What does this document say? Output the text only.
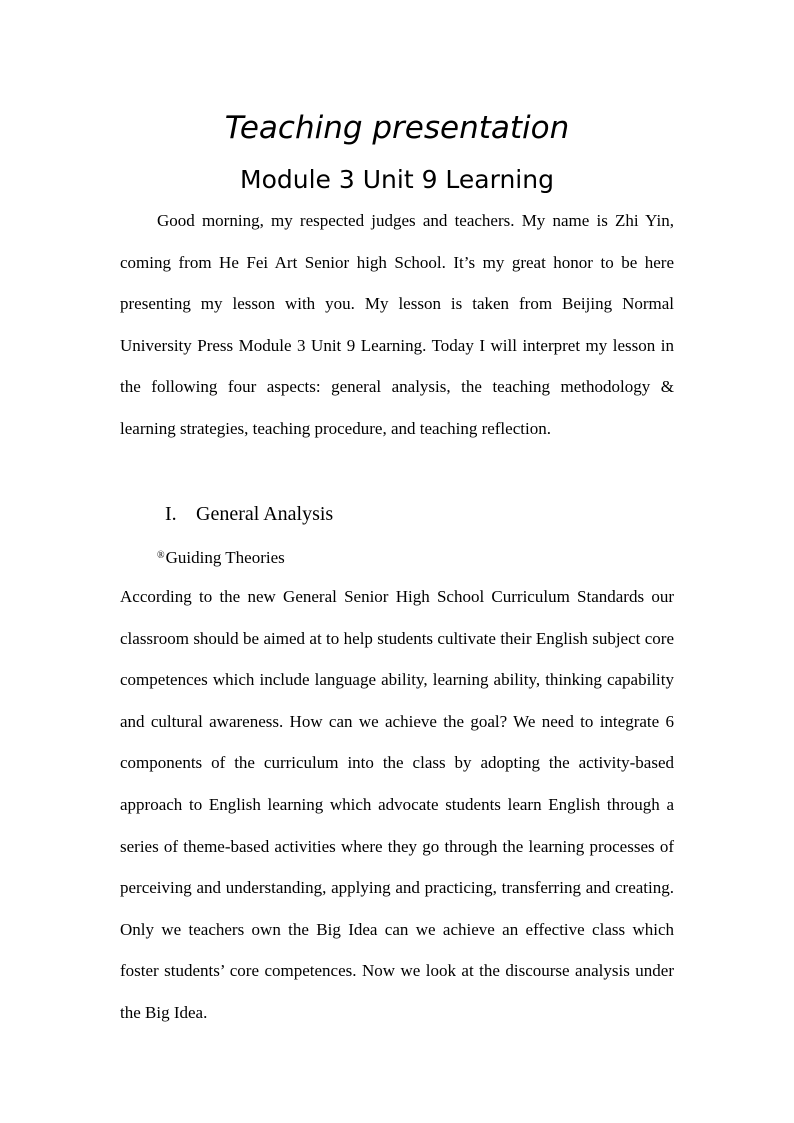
Teaching presentation
Module 3 Unit 9 Learning

Good morning, my respected judges and teachers. My name is Zhi Yin, coming from He Fei Art Senior high School. It’s my great honor to be here presenting my lesson with you. My lesson is taken from Beijing Normal University Press Module 3 Unit 9 Learning. Today I will interpret my lesson in the following four aspects: general analysis, the teaching methodology & learning strategies, teaching procedure, and teaching reflection.

I. General Analysis
®Guiding Theories

According to the new General Senior High School Curriculum Standards our classroom should be aimed at to help students cultivate their English subject core competences which include language ability, learning ability, thinking capability and cultural awareness. How can we achieve the goal? We need to integrate 6 components of the curriculum into the class by adopting the activity-based approach to English learning which advocate students learn English through a series of theme-based activities where they go through the learning processes of perceiving and understanding, applying and practicing, transferring and creating. Only we teachers own the Big Idea can we achieve an effective class which foster students’ core competences. Now we look at the discourse analysis under the Big Idea.
